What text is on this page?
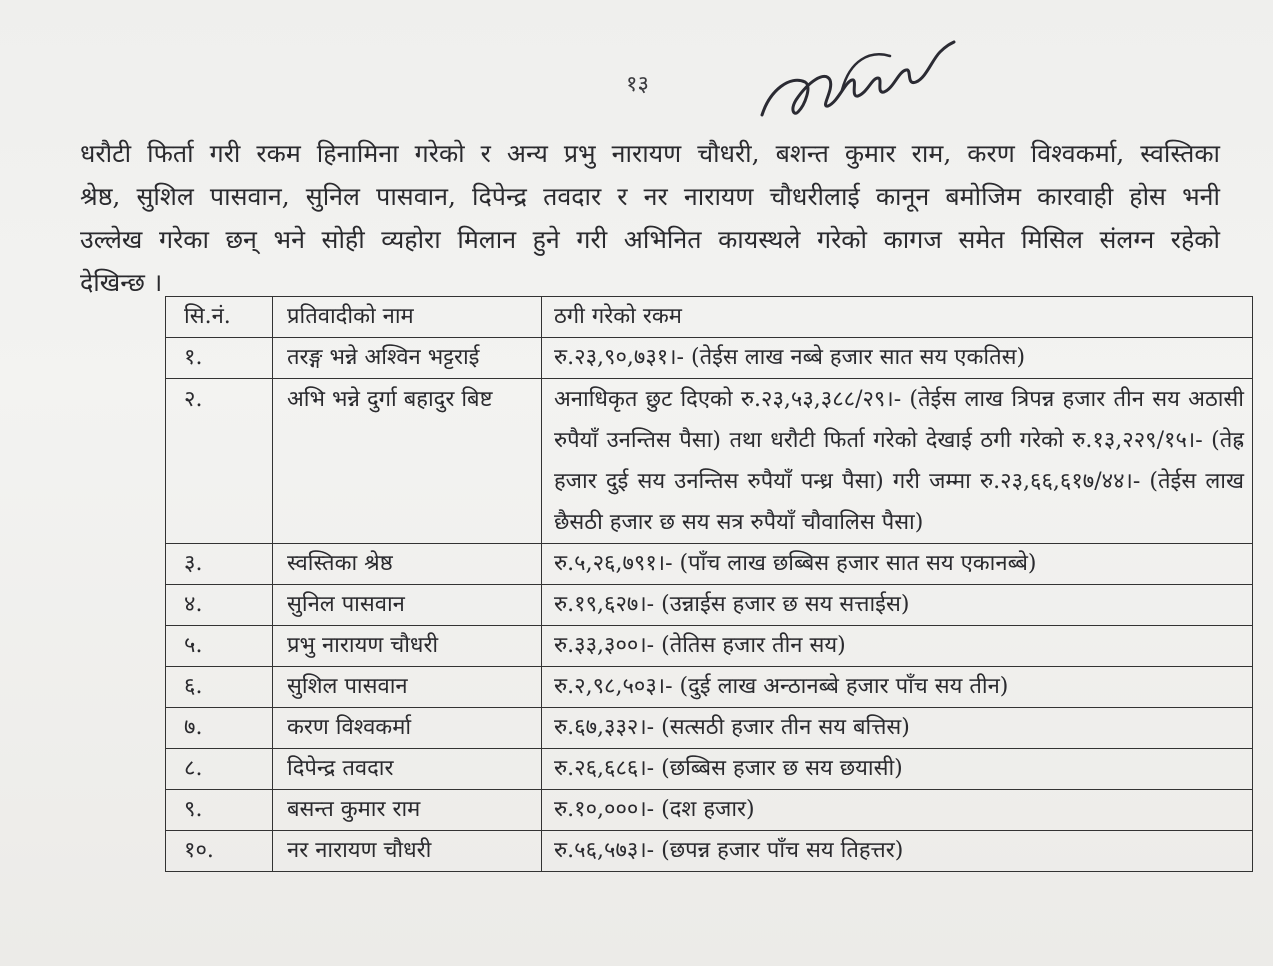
१३
धरौटी फिर्ता गरी रकम हिनामिना गरेको र अन्य प्रभु नारायण चौधरी, बशन्त कुमार राम, करण विश्वकर्मा, स्वस्तिका
श्रेष्ठ, सुशिल पासवान, सुनिल पासवान, दिपेन्द्र तवदार र नर नारायण चौधरीलाई कानून बमोजिम कारवाही होस भनी
उल्लेख गरेका छन् भने सोही व्यहोरा मिलान हुने गरी अभिनित कायस्थले गरेको कागज समेत मिसिल संलग्न रहेको
देखिन्छ ।
सि.नं.	प्रतिवादीको नाम	ठगी गरेको रकम
१.	तरङ्ग भन्ने अश्विन भट्टराई	रु.२३,९०,७३१।- (तेईस लाख नब्बे हजार सात सय एकतिस)
२.	अभि भन्ने दुर्गा बहादुर बिष्ट	अनाधिकृत छुट दिएको रु.२३,५३,३८८/२९।- (तेईस लाख त्रिपन्न हजार तीन सय अठासी रुपैयाँ उनन्तिस पैसा) तथा धरौटी फिर्ता गरेको देखाई ठगी गरेको रु.१३,२२९/१५।- (तेह्र हजार दुई सय उनन्तिस रुपैयाँ पन्ध्र पैसा) गरी जम्मा रु.२३,६६,६१७/४४।- (तेईस लाख छैसठी हजार छ सय सत्र रुपैयाँ चौवालिस पैसा)
३.	स्वस्तिका श्रेष्ठ	रु.५,२६,७९१।- (पाँच लाख छब्बिस हजार सात सय एकानब्बे)
४.	सुनिल पासवान	रु.१९,६२७।- (उन्नाईस हजार छ सय सत्ताईस)
५.	प्रभु नारायण चौधरी	रु.३३,३००।- (तेतिस हजार तीन सय)
६.	सुशिल पासवान	रु.२,९८,५०३।- (दुई लाख अन्ठानब्बे हजार पाँच सय तीन)
७.	करण विश्वकर्मा	रु.६७,३३२।- (सत्सठी हजार तीन सय बत्तिस)
८.	दिपेन्द्र तवदार	रु.२६,६८६।- (छब्बिस हजार छ सय छयासी)
९.	बसन्त कुमार राम	रु.१०,०००।- (दश हजार)
१०.	नर नारायण चौधरी	रु.५६,५७३।- (छपन्न हजार पाँच सय तिहत्तर)
